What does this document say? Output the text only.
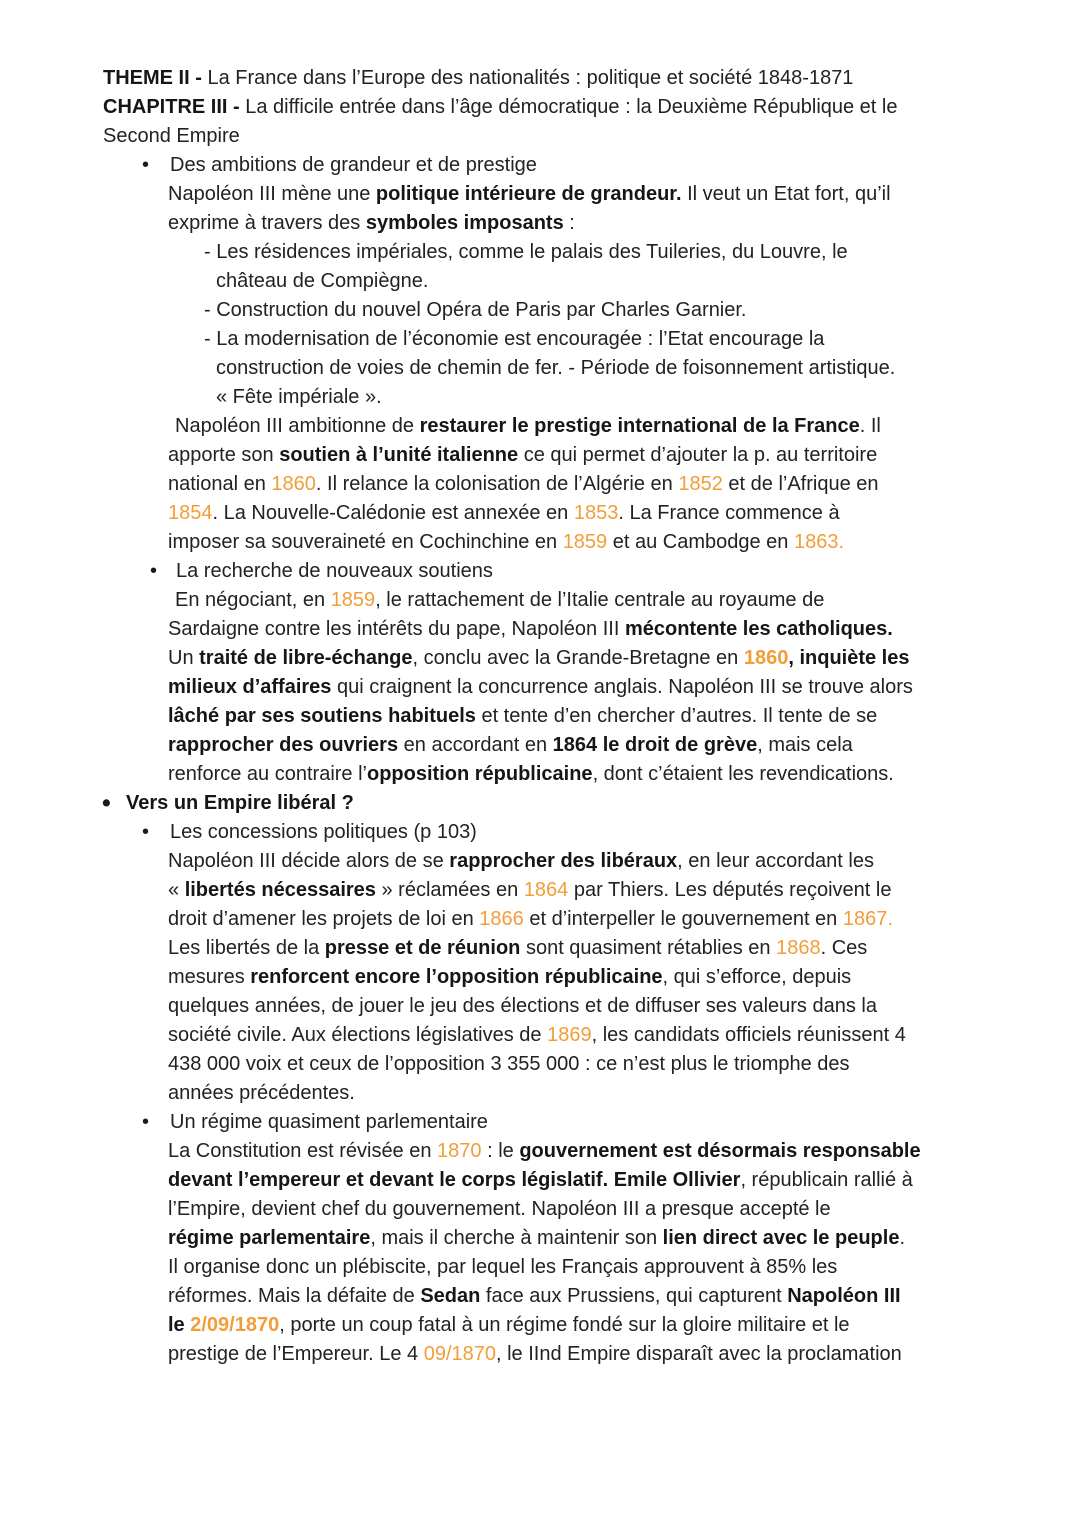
THEME II - La France dans l’Europe des nationalités : politique et société 1848-1871
CHAPITRE III - La difficile entrée dans l’âge démocratique : la Deuxième République et le
Second Empire
• Des ambitions de grandeur et de prestige
Napoléon III mène une politique intérieure de grandeur. Il veut un Etat fort, qu’il
exprime à travers des symboles imposants :
- Les résidences impériales, comme le palais des Tuileries, du Louvre, le
château de Compiègne.
- Construction du nouvel Opéra de Paris par Charles Garnier.
- La modernisation de l’économie est encouragée : l’Etat encourage la
construction de voies de chemin de fer. - Période de foisonnement artistique.
« Fête impériale ».
Napoléon III ambitionne de restaurer le prestige international de la France. Il
apporte son soutien à l’unité italienne ce qui permet d’ajouter la p. au territoire
national en 1860. Il relance la colonisation de l’Algérie en 1852 et de l’Afrique en
1854. La Nouvelle-Calédonie est annexée en 1853. La France commence à
imposer sa souveraineté en Cochinchine en 1859 et au Cambodge en 1863.
• La recherche de nouveaux soutiens
En négociant, en 1859, le rattachement de l’Italie centrale au royaume de
Sardaigne contre les intérêts du pape, Napoléon III mécontente les catholiques.
Un traité de libre-échange, conclu avec la Grande-Bretagne en 1860, inquiète les
milieux d’affaires qui craignent la concurrence anglais. Napoléon III se trouve alors
lâché par ses soutiens habituels et tente d’en chercher d’autres. Il tente de se
rapprocher des ouvriers en accordant en 1864 le droit de grève, mais cela
renforce au contraire l’opposition républicaine, dont c’étaient les revendications.
• Vers un Empire libéral ?
• Les concessions politiques (p 103)
Napoléon III décide alors de se rapprocher des libéraux, en leur accordant les
« libertés nécessaires » réclamées en 1864 par Thiers. Les députés reçoivent le
droit d’amener les projets de loi en 1866 et d’interpeller le gouvernement en 1867.
Les libertés de la presse et de réunion sont quasiment rétablies en 1868. Ces
mesures renforcent encore l’opposition républicaine, qui s’efforce, depuis
quelques années, de jouer le jeu des élections et de diffuser ses valeurs dans la
société civile. Aux élections législatives de 1869, les candidats officiels réunissent 4
438 000 voix et ceux de l’opposition 3 355 000 : ce n’est plus le triomphe des
années précédentes.
• Un régime quasiment parlementaire
La Constitution est révisée en 1870 : le gouvernement est désormais responsable
devant l’empereur et devant le corps législatif. Emile Ollivier, républicain rallié à
l’Empire, devient chef du gouvernement. Napoléon III a presque accepté le
régime parlementaire, mais il cherche à maintenir son lien direct avec le peuple.
Il organise donc un plébiscite, par lequel les Français approuvent à 85% les
réformes. Mais la défaite de Sedan face aux Prussiens, qui capturent Napoléon III
le 2/09/1870, porte un coup fatal à un régime fondé sur la gloire militaire et le
prestige de l’Empereur. Le 4 09/1870, le IInd Empire disparaît avec la proclamation
